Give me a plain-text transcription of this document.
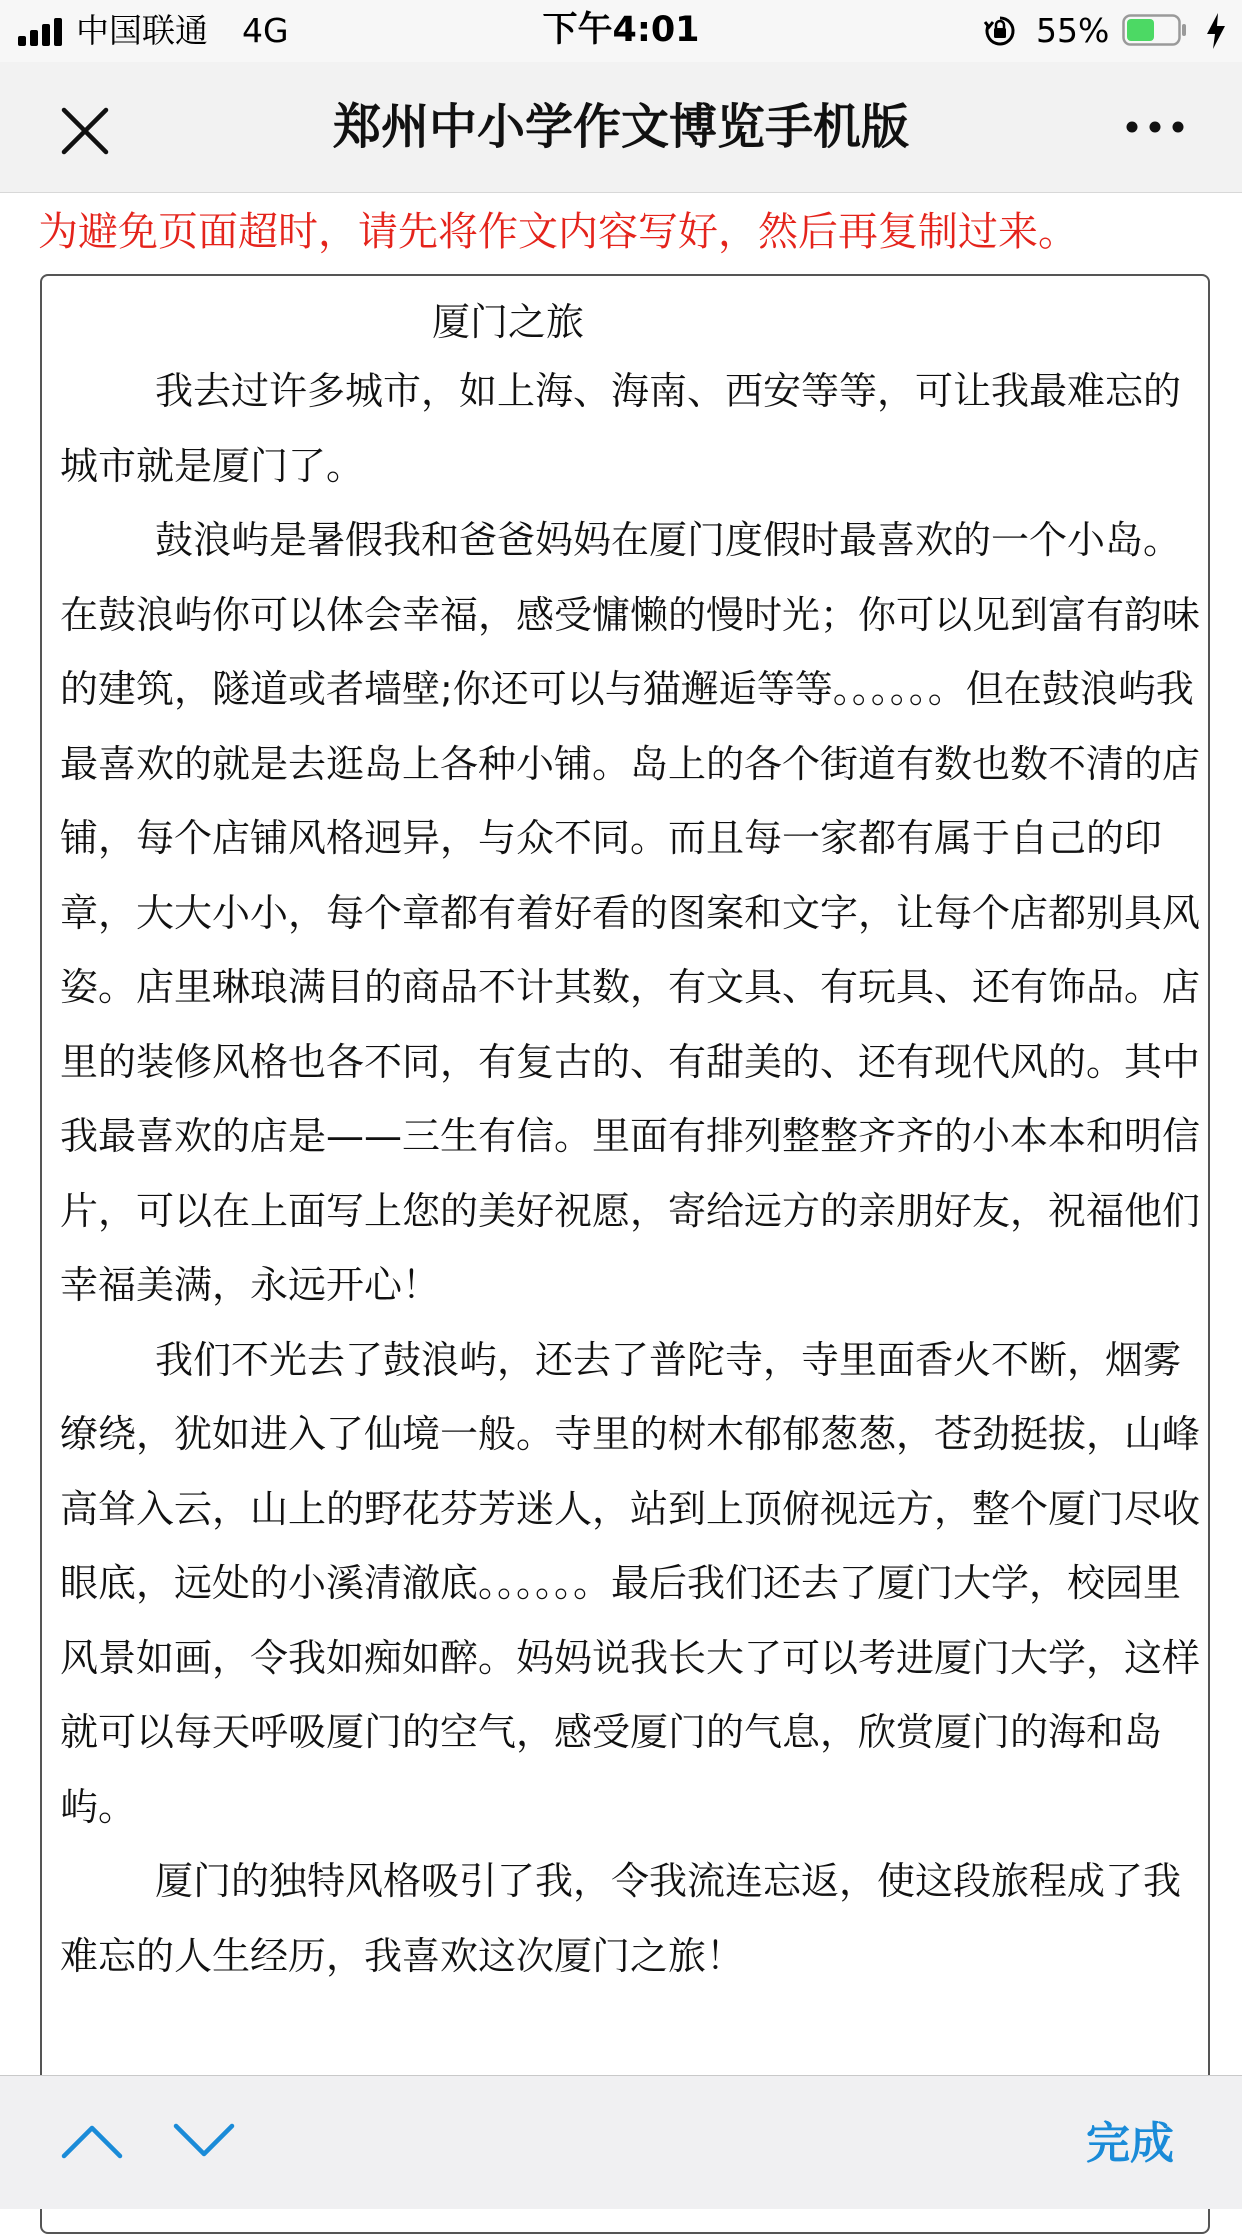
中国联通 4G	下午4:01	55%
郑州中小学作文博览手机版
为避免页面超时，请先将作文内容写好，然后再复制过来。
厦门之旅

我去过许多城市，如上海、海南、西安等等，可让我最难忘的城市就是厦门了。

鼓浪屿是暑假我和爸爸妈妈在厦门度假时最喜欢的一个小岛。在鼓浪屿你可以体会幸福，感受慵懒的慢时光；你可以见到富有韵味的建筑，隧道或者墙壁;你还可以与猫邂逅等等。。。。。。但在鼓浪屿我最喜欢的就是去逛岛上各种小铺。岛上的各个街道有数也数不清的店铺，每个店铺风格迥异，与众不同。而且每一家都有属于自己的印章，大大小小，每个章都有着好看的图案和文字，让每个店都别具风姿。店里琳琅满目的商品不计其数，有文具、有玩具、还有饰品。店里的装修风格也各不同，有复古的、有甜美的、还有现代风的。其中我最喜欢的店是——三生有信。里面有排列整整齐齐的小本本和明信片，可以在上面写上您的美好祝愿，寄给远方的亲朋好友，祝福他们幸福美满，永远开心！

我们不光去了鼓浪屿，还去了普陀寺，寺里面香火不断，烟雾缭绕，犹如进入了仙境一般。寺里的树木郁郁葱葱，苍劲挺拔，山峰高耸入云，山上的野花芬芳迷人，站到上顶俯视远方，整个厦门尽收眼底，远处的小溪清澈底。。。。。。最后我们还去了厦门大学，校园里风景如画，令我如痴如醉。妈妈说我长大了可以考进厦门大学，这样就可以每天呼吸厦门的空气，感受厦门的气息，欣赏厦门的海和岛屿。

厦门的独特风格吸引了我，令我流连忘返，使这段旅程成了我难忘的人生经历，我喜欢这次厦门之旅！

完成
